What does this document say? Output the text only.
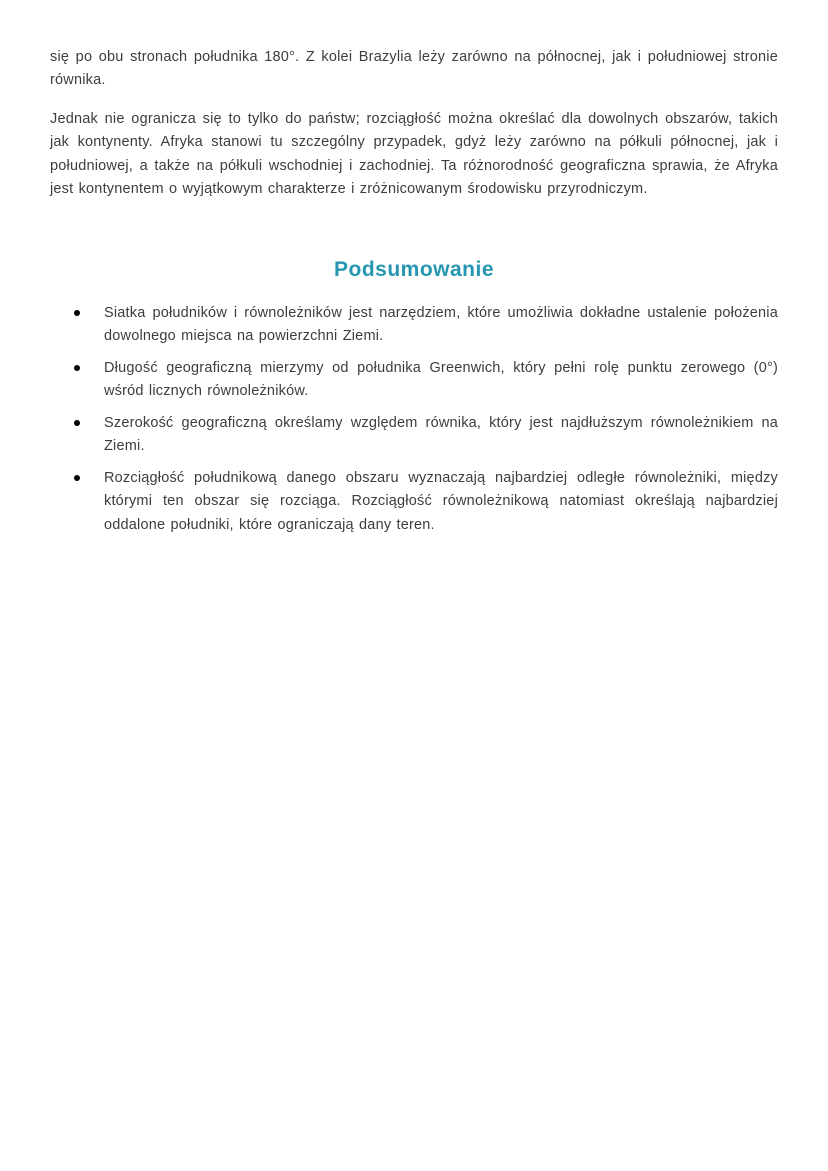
się po obu stronach południka 180°. Z kolei Brazylia leży zarówno na północnej, jak i południowej stronie równika.

Jednak nie ogranicza się to tylko do państw; rozciągłość można określać dla dowolnych obszarów, takich jak kontynenty. Afryka stanowi tu szczególny przypadek, gdyż leży zarówno na półkuli północnej, jak i południowej, a także na półkuli wschodniej i zachodniej. Ta różnorodność geograficzna sprawia, że Afryka jest kontynentem o wyjątkowym charakterze i zróżnicowanym środowisku przyrodniczym.

Podsumowanie
Siatka południków i równoleżników jest narzędziem, które umożliwia dokładne ustalenie położenia dowolnego miejsca na powierzchni Ziemi.
Długość geograficzną mierzymy od południka Greenwich, który pełni rolę punktu zerowego (0°) wśród licznych równoleżników.
Szerokość geograficzną określamy względem równika, który jest najdłuższym równoleżnikiem na Ziemi.
Rozciągłość południkową danego obszaru wyznaczają najbardziej odległe równoleżniki, między którymi ten obszar się rozciąga. Rozciągłość równoleżnikową natomiast określają najbardziej oddalone południki, które ograniczają dany teren.
